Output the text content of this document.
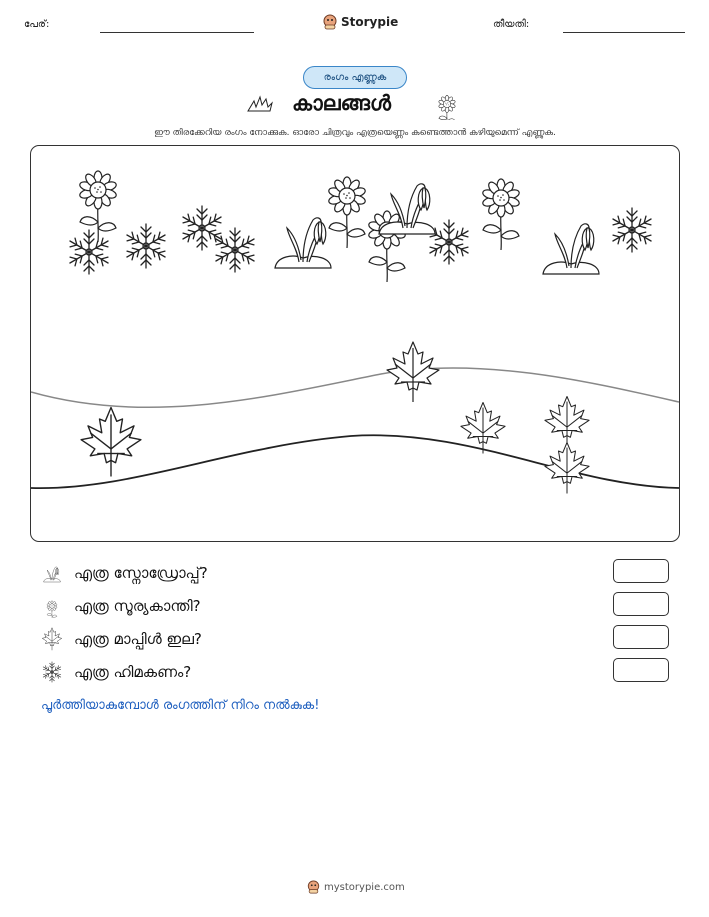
പേര്:	Storypie	തീയതി:
രംഗം എണ്ണുക
കാലങ്ങൾ
ഈ തിരക്കേറിയ രംഗം നോക്കുക. ഓരോ ചിത്രവും എത്രയെണ്ണം കണ്ടെത്താൻ കഴിയുമെന്ന് എണ്ണുക.
എത്ര സ്നോഡ്രോപ്പ്?
എത്ര സൂര്യകാന്തി?
എത്ര മാപ്പിൾ ഇല?
എത്ര ഹിമകണം?
പൂർത്തിയാകുമ്പോൾ രംഗത്തിന് നിറം നൽകുക!
mystorypie.com
